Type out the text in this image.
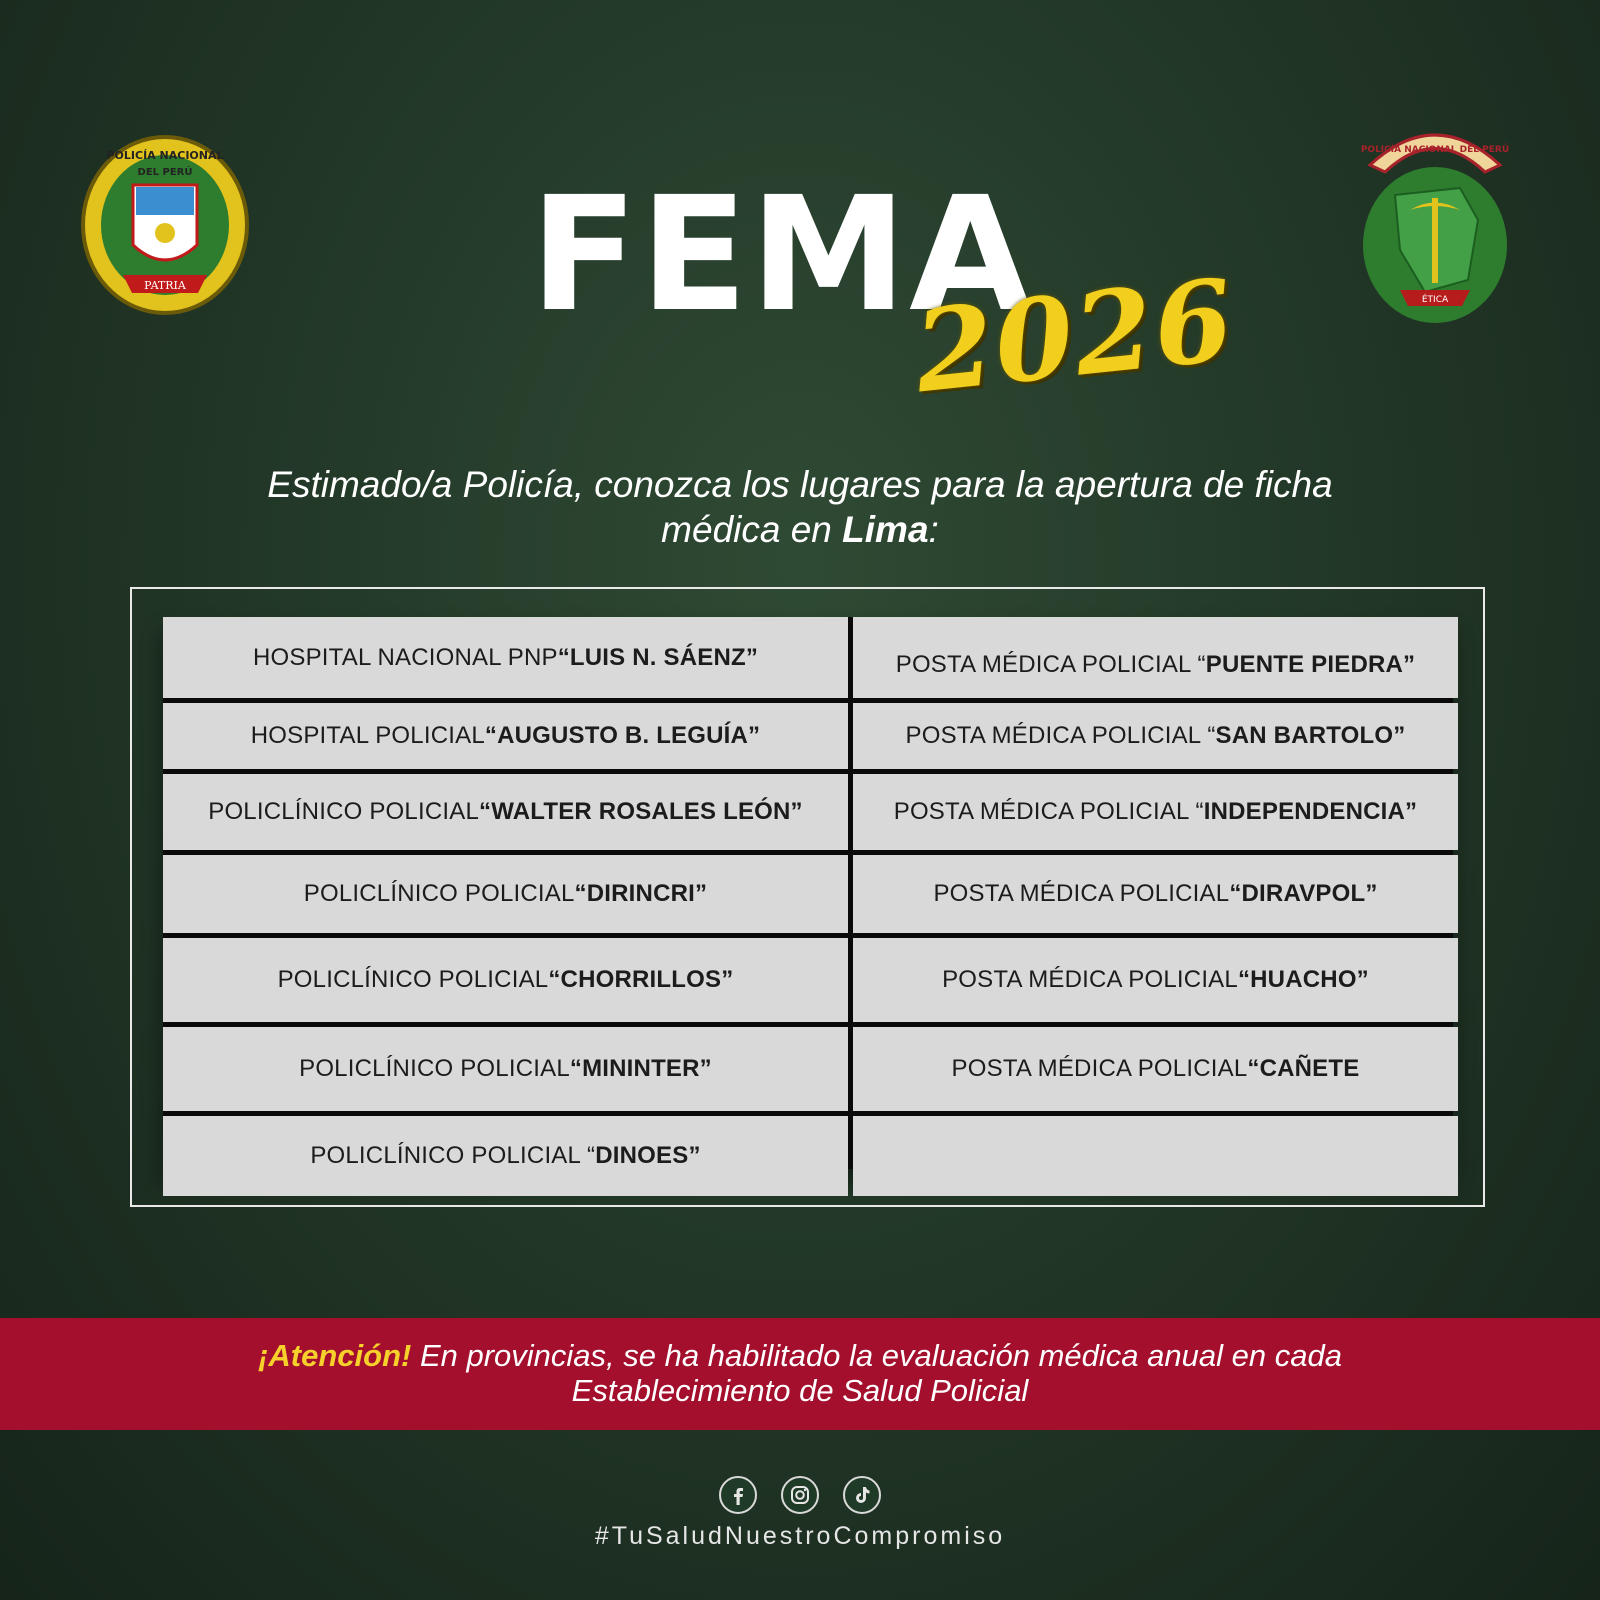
PATRIA
POLICÍA NACIONAL
DEL PERÚ
POLICÍA NACIONAL DEL PERÚ
ÉTICA
FEMA
2026
Estimado/a Policía, conozca los lugares para la apertura de ficha
médica en Lima:
HOSPITAL NACIONAL PNP “LUIS N. SÁENZ”	POSTA MÉDICA POLICIAL “ PUENTE PIEDRA”
HOSPITAL POLICIAL “AUGUSTO B. LEGUÍA”	POSTA MÉDICA POLICIAL “ SAN BARTOLO”
POLICLÍNICO POLICIAL “WALTER ROSALES LEÓN”	POSTA MÉDICA POLICIAL “ INDEPENDENCIA”
POLICLÍNICO POLICIAL “DIRINCRI”	POSTA MÉDICA POLICIAL “DIRAVPOL”
POLICLÍNICO POLICIAL “CHORRILLOS”	POSTA MÉDICA POLICIAL “HUACHO”
POLICLÍNICO POLICIAL “MININTER”	POSTA MÉDICA POLICIAL “CAÑETE
POLICLÍNICO POLICIAL “ DINOES”
¡Atención! En provincias, se ha habilitado la evaluación médica anual en cada
Establecimiento de Salud Policial
#TuSaludNuestroCompromiso
